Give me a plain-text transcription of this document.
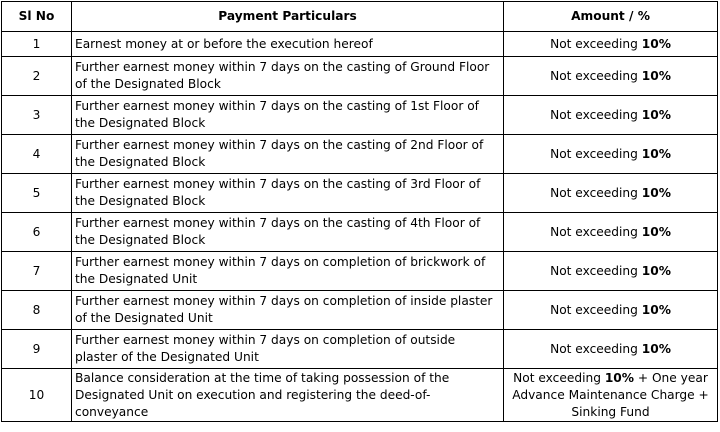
Sl No	Payment Particulars	Amount / %
1	Earnest money at or before the execution hereof	Not exceeding 10%
2	Further earnest money within 7 days on the casting of Ground Floor of the Designated Block	Not exceeding 10%
3	Further earnest money within 7 days on the casting of 1st Floor of the Designated Block	Not exceeding 10%
4	Further earnest money within 7 days on the casting of 2nd Floor of the Designated Block	Not exceeding 10%
5	Further earnest money within 7 days on the casting of 3rd Floor of the Designated Block	Not exceeding 10%
6	Further earnest money within 7 days on the casting of 4th Floor of the Designated Block	Not exceeding 10%
7	Further earnest money within 7 days on completion of brickwork of the Designated Unit	Not exceeding 10%
8	Further earnest money within 7 days on completion of inside plaster of the Designated Unit	Not exceeding 10%
9	Further earnest money within 7 days on completion of outside plaster of the Designated Unit	Not exceeding 10%
10	Balance consideration at the time of taking possession of the Designated Unit on execution and registering the deed-of-conveyance	Not exceeding 10% + One year
Advance Maintenance Charge +
Sinking Fund
